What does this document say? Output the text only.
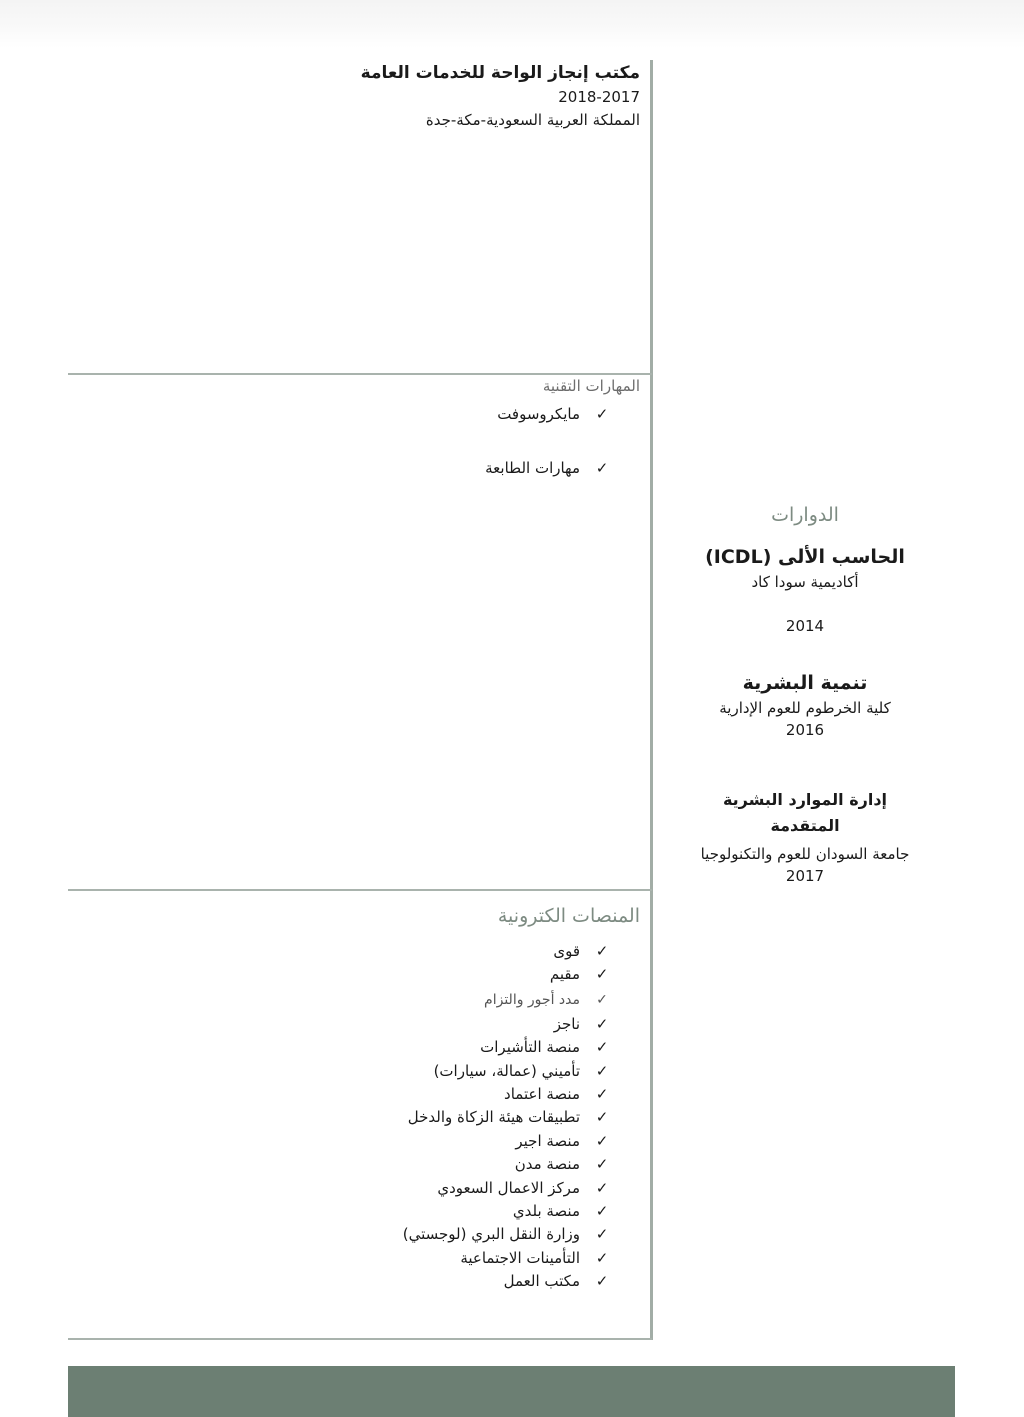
مكتب إنجاز الواحة للخدمات العامة
2018-2017
المملكة العربية السعودية-مكة-جدة
المهارات التقنية
✓
مايكروسوفت
✓
مهارات الطابعة
الدوارات
الحاسب الألى (ICDL)
أكاديمية سودا كاد
2014
تنمية البشرية
كلية الخرطوم للعوم الإدارية
2016
إدارة الموارد البشرية المتقدمة
جامعة السودان للعوم والتكنولوجيا
2017
المنصات الكترونية
✓
قوى
✓
مقيم
✓
مدد أجور والتزام
✓
ناجز
✓
منصة التأشيرات
✓
تأميني (عمالة، سيارات)
✓
منصة اعتماد
✓
تطبيقات هيئة الزكاة والدخل
✓
منصة اجير
✓
منصة مدن
✓
مركز الاعمال السعودي
✓
منصة بلدي
✓
وزارة النقل البري (لوجستي)
✓
التأمينات الاجتماعية
✓
مكتب العمل
